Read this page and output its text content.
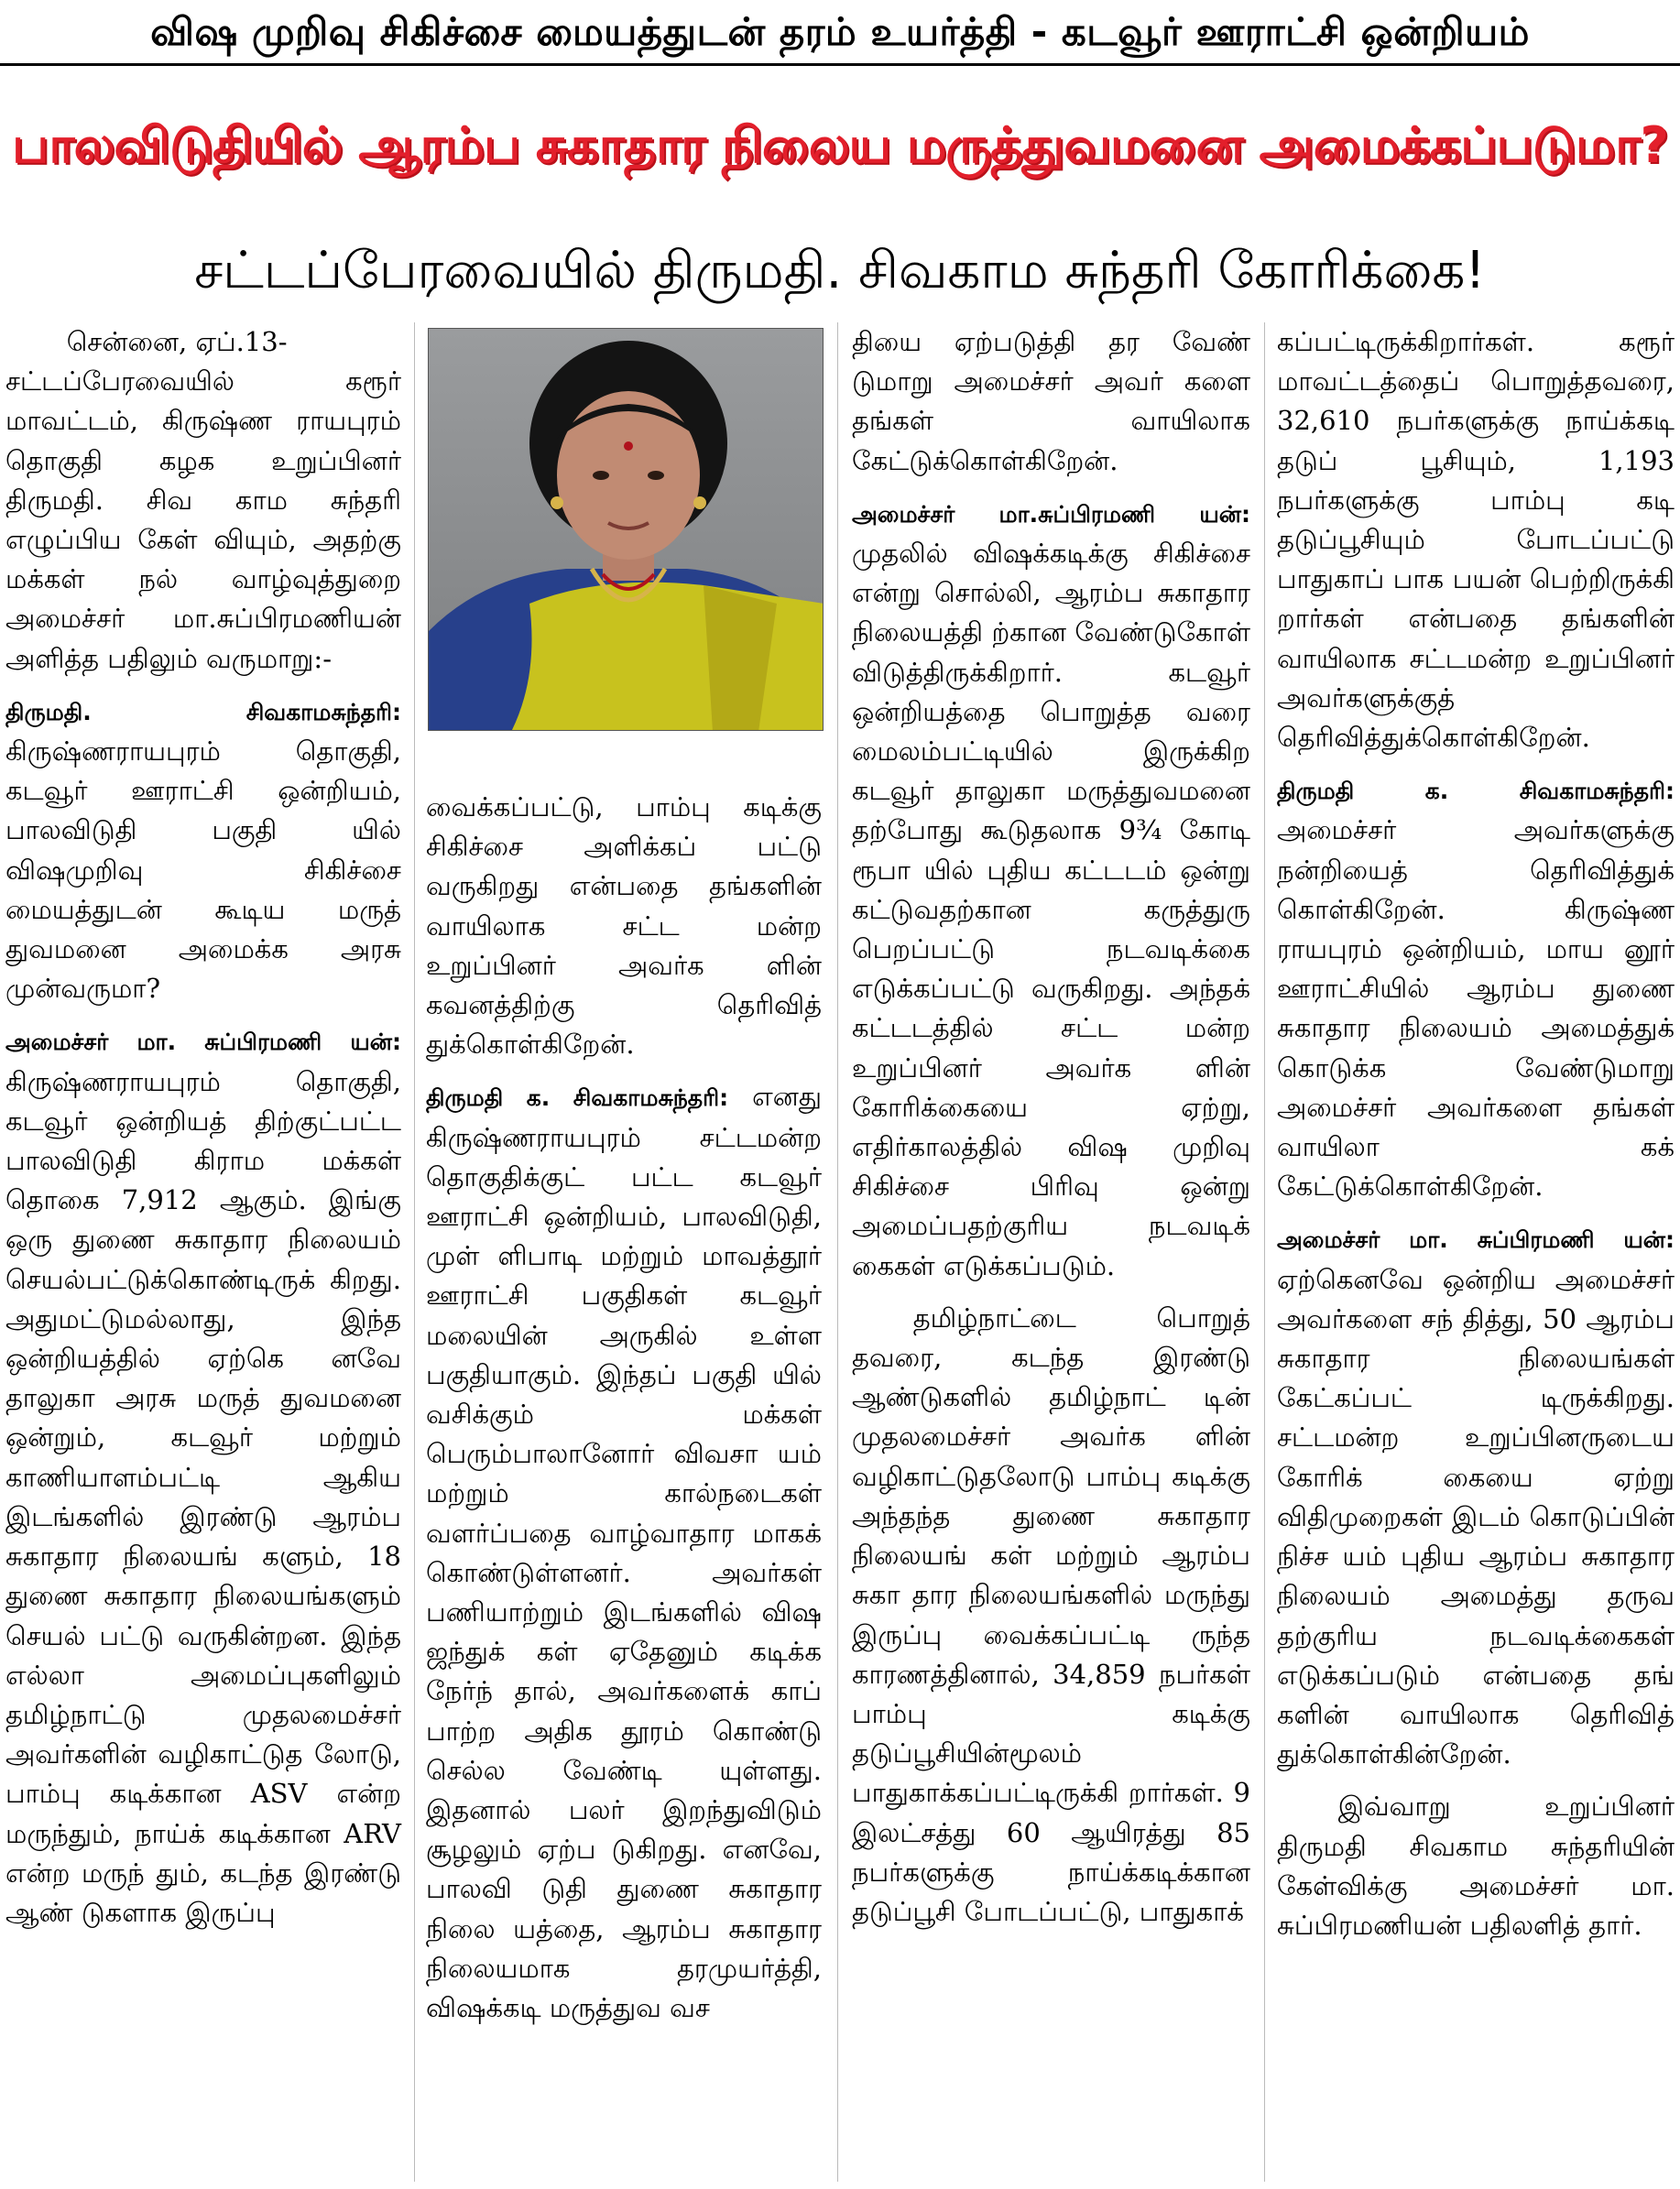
விஷ முறிவு சிகிச்சை மையத்துடன் தரம் உயர்த்தி - கடவூர் ஊராட்சி ஒன்றியம்
பாலவிடுதியில் ஆரம்ப சுகாதார நிலைய மருத்துவமனை அமைக்கப்படுமா?
சட்டப்பேரவையில் திருமதி. சிவகாம சுந்தரி கோரிக்கை!

சென்னை, ஏப்.13-

சட்டப்பேரவையில் கரூர் மாவட்டம், கிருஷ்ண ராயபுரம் தொகுதி கழக உறுப்பினர் திருமதி. சிவ காம சுந்தரி எழுப்பிய கேள் வியும், அதற்கு மக்கள் நல் வாழ்வுத்துறை அமைச்சர் மா.சுப்பிரமணியன் அளித்த பதிலும் வருமாறு:-

திருமதி. சிவகாமசுந்தரி: கிருஷ்ணராயபுரம் தொகுதி, கடவூர் ஊராட்சி ஒன்றியம், பாலவிடுதி பகுதி யில் விஷமுறிவு சிகிச்சை மையத்துடன் கூடிய மருத் துவமனை அமைக்க அரசு முன்வருமா?

அமைச்சர் மா. சுப்பிரமணி யன்: கிருஷ்ணராயபுரம் தொகுதி, கடவூர் ஒன்றியத் திற்குட்பட்ட பாலவிடுதி கிராம மக்கள் தொகை 7,912 ஆகும். இங்கு ஒரு துணை சுகாதார நிலையம் செயல்பட்டுக்கொண்டிருக் கிறது. அதுமட்டுமல்லாது, இந்த ஒன்றியத்தில் ஏற்கெ னவே தாலுகா அரசு மருத் துவமனை ஒன்றும், கடவூர் மற்றும் காணியாளம்பட்டி ஆகிய இடங்களில் இரண்டு ஆரம்ப சுகாதார நிலையங் களும், 18 துணை சுகாதார நிலையங்களும் செயல் பட்டு வருகின்றன. இந்த எல்லா அமைப்புகளிலும் தமிழ்நாட்டு முதலமைச்சர் அவர்களின் வழிகாட்டுத லோடு, பாம்பு கடிக்கான ASV என்ற மருந்தும், நாய்க் கடிக்கான ARV என்ற மருந் தும், கடந்த இரண்டு ஆண் டுகளாக இருப்பு

வைக்கப்பட்டு, பாம்பு கடிக்கு சிகிச்சை அளிக்கப் பட்டு வருகிறது என்பதை தங்களின் வாயிலாக சட்ட மன்ற உறுப்பினர் அவர்க ளின் கவனத்திற்கு தெரிவித் துக்கொள்கிறேன்.

திருமதி க. சிவகாமசுந்தரி: எனது கிருஷ்ணராயபுரம் சட்டமன்ற தொகுதிக்குட் பட்ட கடவூர் ஊராட்சி ஒன்றியம், பாலவிடுதி, முள் ளிபாடி மற்றும் மாவத்தூர் ஊராட்சி பகுதிகள் கடவூர் மலையின் அருகில் உள்ள பகுதியாகும். இந்தப் பகுதி யில் வசிக்கும் மக்கள் பெரும்பாலானோர் விவசா யம் மற்றும் கால்நடைகள் வளர்ப்பதை வாழ்வாதார மாகக் கொண்டுள்ளனர். அவர்கள் பணியாற்றும் இடங்களில் விஷ ஜந்துக் கள் ஏதேனும் கடிக்க நேர்ந் தால், அவர்களைக் காப் பாற்ற அதிக தூரம் கொண்டு செல்ல வேண்டி யுள்ளது. இதனால் பலர் இறந்துவிடும் சூழலும் ஏற்ப டுகிறது. எனவே, பாலவி டுதி துணை சுகாதார நிலை யத்தை, ஆரம்ப சுகாதார நிலையமாக தரமுயர்த்தி, விஷக்கடி மருத்துவ வச

தியை ஏற்படுத்தி தர வேண் டுமாறு அமைச்சர் அவர் களை தங்கள் வாயிலாக கேட்டுக்கொள்கிறேன்.

அமைச்சர் மா.சுப்பிரமணி யன்: முதலில் விஷக்கடிக்கு சிகிச்சை என்று சொல்லி, ஆரம்ப சுகாதார நிலையத்தி ற்கான வேண்டுகோள் விடுத்திருக்கிறார். கடவூர் ஒன்றியத்தை பொறுத்த வரை மைலம்பட்டியில் இருக்கிற கடவூர் தாலுகா மருத்துவமனை தற்போது கூடுதலாக 9¾ கோடி ரூபா யில் புதிய கட்டடம் ஒன்று கட்டுவதற்கான கருத்துரு பெறப்பட்டு நடவடிக்கை எடுக்கப்பட்டு வருகிறது. அந்தக் கட்டடத்தில் சட்ட மன்ற உறுப்பினர் அவர்க ளின் கோரிக்கையை ஏற்று, எதிர்காலத்தில் விஷ முறிவு சிகிச்சை பிரிவு ஒன்று அமைப்பதற்குரிய நடவடிக் கைகள் எடுக்கப்படும்.

தமிழ்நாட்டை பொறுத் தவரை, கடந்த இரண்டு ஆண்டுகளில் தமிழ்நாட் டின் முதலமைச்சர் அவர்க ளின் வழிகாட்டுதலோடு பாம்பு கடிக்கு அந்தந்த துணை சுகாதார நிலையங் கள் மற்றும் ஆரம்ப சுகா தார நிலையங்களில் மருந்து இருப்பு வைக்கப்பட்டி ருந்த காரணத்தினால், 34,859 நபர்கள் பாம்பு கடிக்கு தடுப்பூசியின்மூலம் பாதுகாக்கப்பட்டிருக்கி றார்கள். 9 இலட்சத்து 60 ஆயிரத்து 85 நபர்களுக்கு நாய்க்கடிக்கான தடுப்பூசி போடப்பட்டு, பாதுகாக்

கப்பட்டிருக்கிறார்கள். கரூர் மாவட்டத்தைப் பொறுத்தவரை, 32,610 நபர்களுக்கு நாய்க்கடி தடுப் பூசியும், 1,193 நபர்களுக்கு பாம்பு கடி தடுப்பூசியும் போடப்பட்டு பாதுகாப் பாக பயன் பெற்றிருக்கி றார்கள் என்பதை தங்களின் வாயிலாக சட்டமன்ற உறுப்பினர் அவர்களுக்குத் தெரிவித்துக்கொள்கிறேன்.

திருமதி க. சிவகாமசுந்தரி: அமைச்சர் அவர்களுக்கு நன்றியைத் தெரிவித்துக் கொள்கிறேன். கிருஷ்ண ராயபுரம் ஒன்றியம், மாய னூர் ஊராட்சியில் ஆரம்ப துணை சுகாதார நிலையம் அமைத்துக் கொடுக்க வேண்டுமாறு அமைச்சர் அவர்களை தங்கள் வாயிலா கக் கேட்டுக்கொள்கிறேன்.

அமைச்சர் மா. சுப்பிரமணி யன்: ஏற்கெனவே ஒன்றிய அமைச்சர் அவர்களை சந் தித்து, 50 ஆரம்ப சுகாதார நிலையங்கள் கேட்கப்பட் டிருக்கிறது. சட்டமன்ற உறுப்பினருடைய கோரிக் கையை ஏற்று விதிமுறைகள் இடம் கொடுப்பின் நிச்ச யம் புதிய ஆரம்ப சுகாதார நிலையம் அமைத்து தருவ தற்குரிய நடவடிக்கைகள் எடுக்கப்படும் என்பதை தங் களின் வாயிலாக தெரிவித் துக்கொள்கின்றேன்.

இவ்வாறு உறுப்பினர் திருமதி சிவகாம சுந்தரியின் கேள்விக்கு அமைச்சர் மா. சுப்பிரமணியன் பதிலளித் தார்.
